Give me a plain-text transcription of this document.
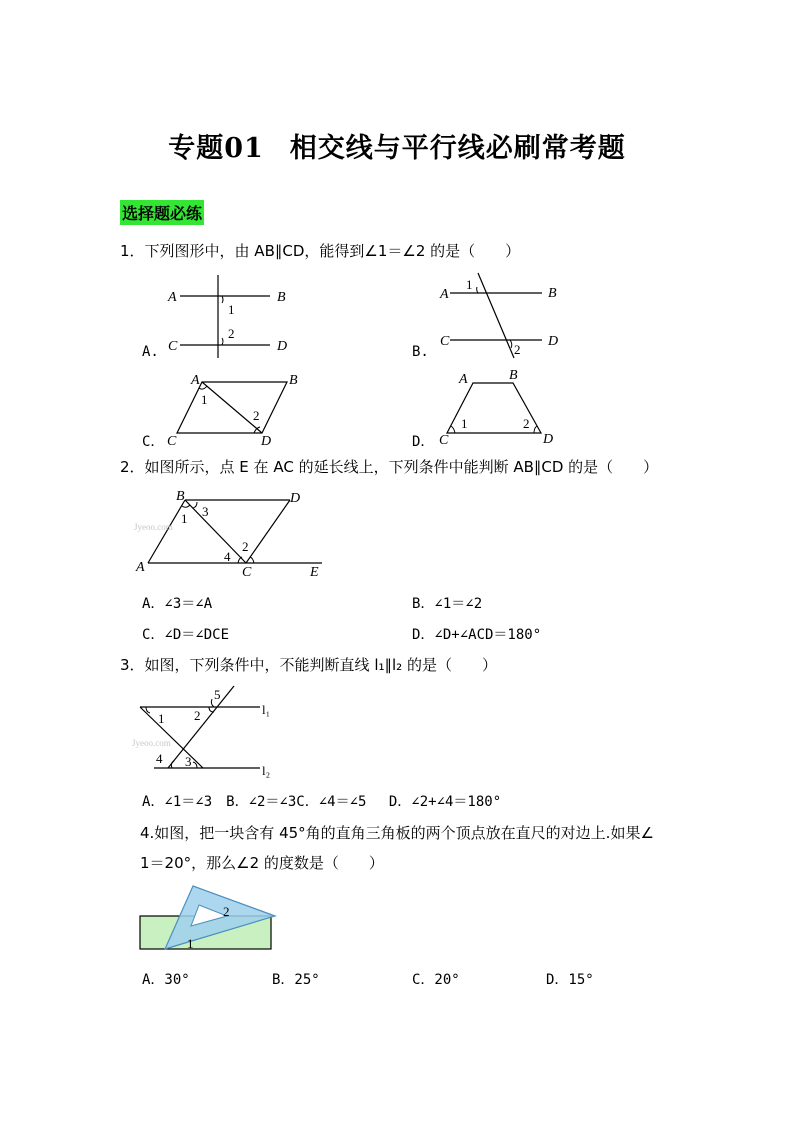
专题01 相交线与平行线必刷常考题
选择题必练
1．下列图形中，由 AB∥CD，能得到∠1＝∠2 的是（　　）
A.
A	B
1
2
C	D	B.
A	B
1
2
C	D
C．
A	B
1
2
C	D	D．
A	B
1	2
C	D
2．如图所示，点 E 在 AC 的延长线上，下列条件中能判断 AB∥CD 的是（　　）
Jyeoo.com
B	D
1 3
2
4
A	C	E
A．∠3＝∠A	B．∠1＝∠2
C．∠D＝∠DCE	D．∠D+∠ACD＝180°
3．如图，下列条件中，不能判断直线 l₁∥l₂ 的是（　　）
Jyeoo.com
5
1 2
4 3
l₁
l₂
A．∠1＝∠3　B．∠2＝∠3C．∠4＝∠5　 D．∠2+∠4＝180°
4.如图，把一块含有 45°角的直角三角板的两个顶点放在直尺的对边上.如果∠
1＝20°，那么∠2 的度数是（　　）
2
1
A．30°	B．25°	C．20°	D．15°
